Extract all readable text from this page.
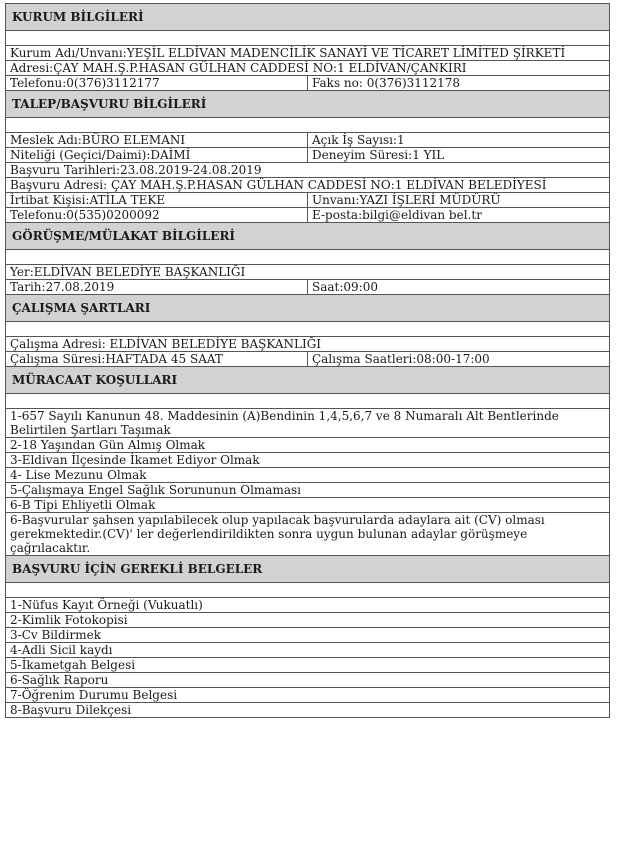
KURUM BİLGİLERİ	

Kurum Adı/Unvanı:YEŞİL ELDİVAN MADENCİLİK SANAYİ VE TİCARET LİMİTED ŞİRKETİ	
Adresi:ÇAY MAH.Ş.P.HASAN GÜLHAN CADDESİ NO:1 ELDİVAN/ÇANKIRI	
Telefonu:0(376)3112177	Faks no: 0(376)3112178
TALEP/BAŞVURU BİLGİLERİ	

Meslek Adı:BÜRO ELEMANI	Açık İş Sayısı:1
Niteliği (Geçici/Daimi):DAİMİ	Deneyim Süresi:1 YIL
Başvuru Tarihleri:23.08.2019-24.08.2019	
Başvuru Adresi: ÇAY MAH.Ş.P.HASAN GÜLHAN CADDESİ NO:1 ELDİVAN BELEDİYESİ	
İrtibat Kişisi:ATİLA TEKE	Unvanı:YAZI İŞLERİ MÜDÜRÜ
Telefonu:0(535)0200092	E-posta:bilgi@eldivan bel.tr
GÖRÜŞME/MÜLAKAT BİLGİLERİ	

Yer:ELDİVAN BELEDİYE BAŞKANLIĞI	
Tarih:27.08.2019	Saat:09:00
ÇALIŞMA ŞARTLARI	

Çalışma Adresi: ELDİVAN BELEDİYE BAŞKANLIĞI	
Çalışma Süresi:HAFTADA 45 SAAT	Çalışma Saatleri:08:00-17:00
MÜRACAAT KOŞULLARI	

1-657 Sayılı Kanunun 48. Maddesinin (A)Bendinin 1,4,5,6,7 ve 8 Numaralı Alt Bentlerinde Belirtilen Şartları Taşımak	
2-18 Yaşından Gün Almış Olmak	
3-Eldivan İlçesinde İkamet Ediyor Olmak	
4- Lise Mezunu Olmak	
5-Çalışmaya Engel Sağlık Sorununun Olmaması	
6-B Tipi Ehliyetli Olmak	
6-Başvurular şahsen yapılabilecek olup yapılacak başvurularda adaylara ait (CV) olması gerekmektedir.(CV)' ler değerlendirildikten sonra uygun bulunan adaylar görüşmeye çağrılacaktır.	
BAŞVURU İÇİN GEREKLİ BELGELER	

1-Nüfus Kayıt Örneği (Vukuatlı)	
2-Kimlik Fotokopisi	
3-Cv Bildirmek	
4-Adli Sicil kaydı	
5-İkametgah Belgesi	
6-Sağlık Raporu	
7-Öğrenim Durumu Belgesi	
8-Başvuru Dilekçesi	
